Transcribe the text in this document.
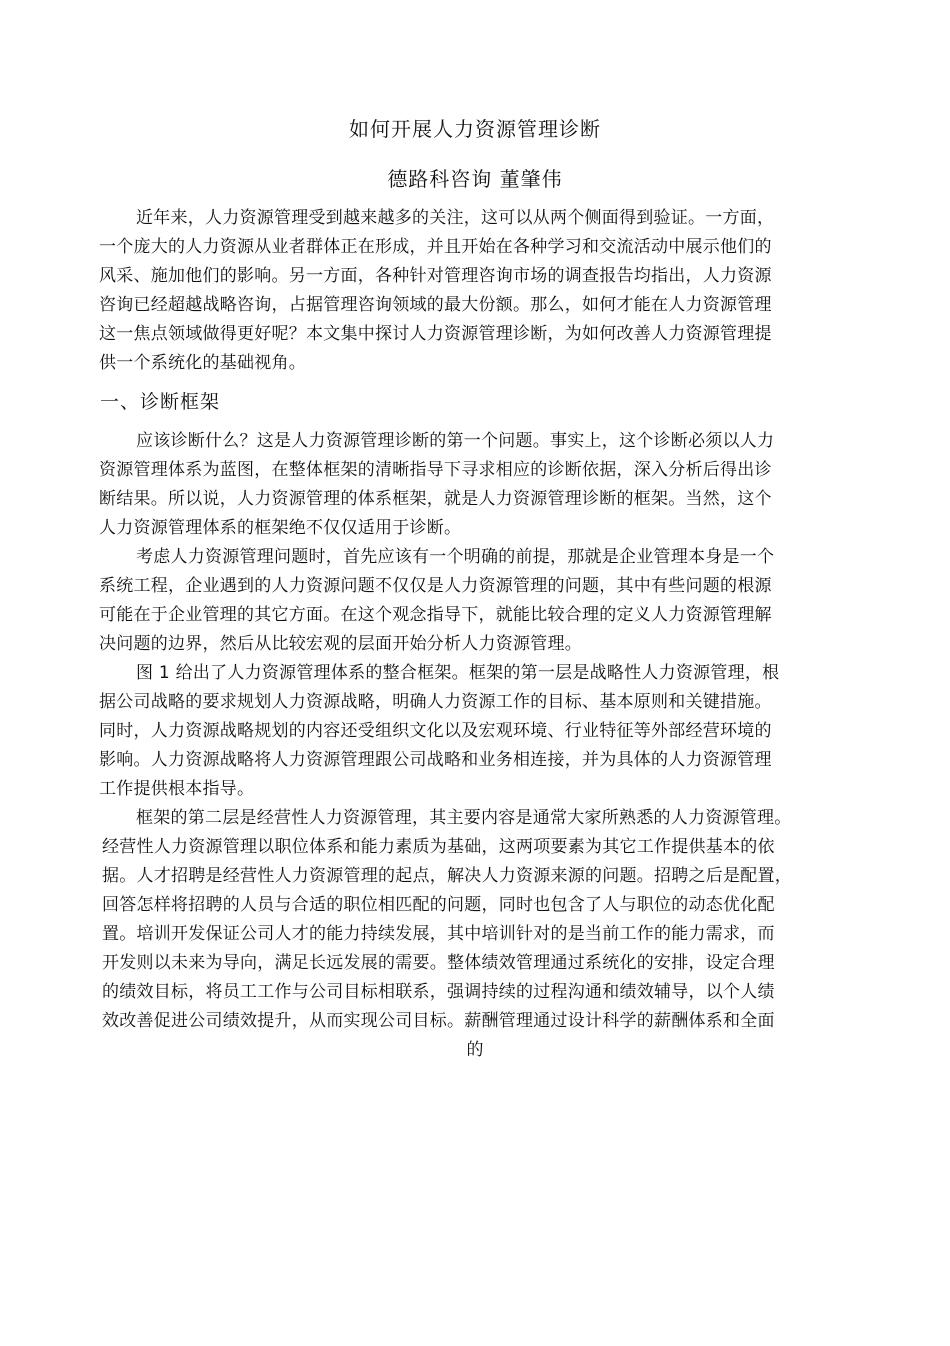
如何开展人力资源管理诊断
德路科咨询 董肇伟
近年来，人力资源管理受到越来越多的关注，这可以从两个侧面得到验证。一方面，
一个庞大的人力资源从业者群体正在形成，并且开始在各种学习和交流活动中展示他们的
风采、施加他们的影响。另一方面，各种针对管理咨询市场的调查报告均指出，人力资源
咨询已经超越战略咨询，占据管理咨询领域的最大份额。那么，如何才能在人力资源管理
这一焦点领域做得更好呢？本文集中探讨人力资源管理诊断，为如何改善人力资源管理提
供一个系统化的基础视角。
一、诊断框架
应该诊断什么？这是人力资源管理诊断的第一个问题。事实上，这个诊断必须以人力
资源管理体系为蓝图，在整体框架的清晰指导下寻求相应的诊断依据，深入分析后得出诊
断结果。所以说，人力资源管理的体系框架，就是人力资源管理诊断的框架。当然，这个
人力资源管理体系的框架绝不仅仅适用于诊断。
考虑人力资源管理问题时，首先应该有一个明确的前提，那就是企业管理本身是一个
系统工程，企业遇到的人力资源问题不仅仅是人力资源管理的问题，其中有些问题的根源
可能在于企业管理的其它方面。在这个观念指导下，就能比较合理的定义人力资源管理解
决问题的边界，然后从比较宏观的层面开始分析人力资源管理。
图 1 给出了人力资源管理体系的整合框架。框架的第一层是战略性人力资源管理，根
据公司战略的要求规划人力资源战略，明确人力资源工作的目标、基本原则和关键措施。
同时，人力资源战略规划的内容还受组织文化以及宏观环境、行业特征等外部经营环境的
影响。人力资源战略将人力资源管理跟公司战略和业务相连接，并为具体的人力资源管理
工作提供根本指导。
框架的第二层是经营性人力资源管理，其主要内容是通常大家所熟悉的人力资源管理。
经营性人力资源管理以职位体系和能力素质为基础，这两项要素为其它工作提供基本的依
据。人才招聘是经营性人力资源管理的起点，解决人力资源来源的问题。招聘之后是配置，
回答怎样将招聘的人员与合适的职位相匹配的问题，同时也包含了人与职位的动态优化配
置。培训开发保证公司人才的能力持续发展，其中培训针对的是当前工作的能力需求，而
开发则以未来为导向，满足长远发展的需要。整体绩效管理通过系统化的安排，设定合理
的绩效目标，将员工工作与公司目标相联系，强调持续的过程沟通和绩效辅导，以个人绩
效改善促进公司绩效提升，从而实现公司目标。薪酬管理通过设计科学的薪酬体系和全面
的
